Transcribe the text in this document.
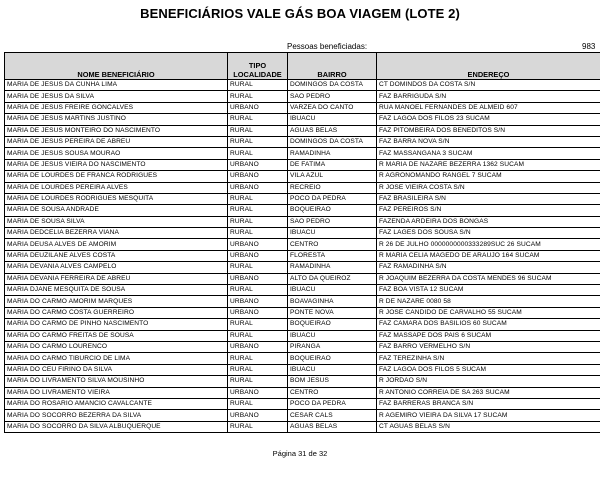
BENEFICIÁRIOS VALE GÁS BOA VIAGEM (LOTE 2)
Pessoas beneficiadas:	983
NOME BENEFICIÁRIO	TIPO LOCALIDADE	BAIRRO	ENDEREÇO
MARIA DE JESUS DA CUNHA LIMA	RURAL	DOMINGOS DA COSTA	CT DOMINDOS DA COSTA S/N
MARIA DE JESUS DA SILVA	RURAL	SAO PEDRO	FAZ BARRIGUDA S/N
MARIA DE JESUS FREIRE GONCALVES	URBANO	VARZEA DO CANTO	RUA MANOEL FERNANDES DE ALMEID 607
MARIA DE JESUS MARTINS JUSTINO	RURAL	IBUACU	FAZ LAGOA DOS FILOS 23 SUCAM
MARIA DE JESUS MONTEIRO DO NASCIMENTO	RURAL	AGUAS BELAS	FAZ PITOMBEIRA DOS BENEDITOS S/N
MARIA DE JESUS PEREIRA DE ABREU	RURAL	DOMINGOS DA COSTA	FAZ BARRA NOVA S/N
MARIA DE JESUS SOUSA MOURAO	RURAL	RAMADINHA	FAZ MASSANGANA 3 SUCAM
MARIA DE JESUS VIEIRA DO NASCIMENTO	URBANO	DE FATIMA	R MARIA DE NAZARE BEZERRA 1362 SUCAM
MARIA DE LOURDES DE FRANCA RODRIGUES	URBANO	VILA AZUL	R AGRONOMANDO RANGEL 7 SUCAM
MARIA DE LOURDES PEREIRA ALVES	URBANO	RECREIO	R JOSE VIEIRA COSTA S/N
MARIA DE LOURDES RODRIGUES MESQUITA	RURAL	POCO DA PEDRA	FAZ BRASILEIRA S/N
MARIA DE SOUSA ANDRADE	RURAL	BOQUEIRAO	FAZ PEREIROS S/N
MARIA DE SOUSA SILVA	RURAL	SAO PEDRO	FAZENDA ARDEIRA DOS BONGAS
MARIA DEDCELIA BEZERRA VIANA	RURAL	IBUACU	FAZ LAGES DOS SOUSA S/N
MARIA DEUSA ALVES DE AMORIM	URBANO	CENTRO	R 26 DE JULHO 0000000000333289SUC 26 SUCAM
MARIA DEUZILANE ALVES COSTA	URBANO	FLORESTA	R MARIA CELIA MAGEDO DE ARAUJO 164 SUCAM
MARIA DEVANIA ALVES CAMPELO	RURAL	RAMADINHA	FAZ RAMADINHA S/N
MARIA DEVANIA FERREIRA DE ABREU	URBANO	ALTO DA QUEIROZ	R JOAQUIM BEZERRA DA COSTA MENDES 96 SUCAM
MARIA DJANE MESQUITA DE SOUSA	RURAL	IBUACU	FAZ BOA VISTA 12 SUCAM
MARIA DO CARMO AMORIM MARQUES	URBANO	BOAVAGINHA	R DE NAZARE 0080 58
MARIA DO CARMO COSTA GUERREIRO	URBANO	PONTE NOVA	R JOSE CANDIDO DE CARVALHO 55 SUCAM
MARIA DO CARMO DE PINHO NASCIMENTO	RURAL	BOQUEIRAO	FAZ CAMARA DOS BASILIOS 60 SUCAM
MARIA DO CARMO FREITAS DE SOUSA	RURAL	IBUACU	FAZ MASSAPE DOS PAIS 6 SUCAM
MARIA DO CARMO LOURENCO	URBANO	PIRANGA	FAZ BARRO VERMELHO S/N
MARIA DO CARMO TIBURCIO DE LIMA	RURAL	BOQUEIRAO	FAZ TEREZINHA S/N
MARIA DO CEU FIRINO DA SILVA	RURAL	IBUACU	FAZ LAGOA DOS FILOS 5 SUCAM
MARIA DO LIVRAMENTO SILVA MOUSINHO	RURAL	BOM JESUS	R JORDAO S/N
MARIA DO LIVRAMENTO VIEIRA	URBANO	CENTRO	R ANTONIO CORREIA DE SA 263 SUCAM
MARIA DO ROSARIO AMANCIO CAVALCANTE	RURAL	POCO DA PEDRA	FAZ BARRERAS BRANCA S/N
MARIA DO SOCORRO BEZERRA DA SILVA	URBANO	CESAR CALS	R AGEMIRO VIEIRA DA SILVA 17 SUCAM
MARIA DO SOCORRO DA SILVA ALBUQUERQUE	RURAL	AGUAS BELAS	CT AGUAS BELAS S/N
Página 31 de 32
